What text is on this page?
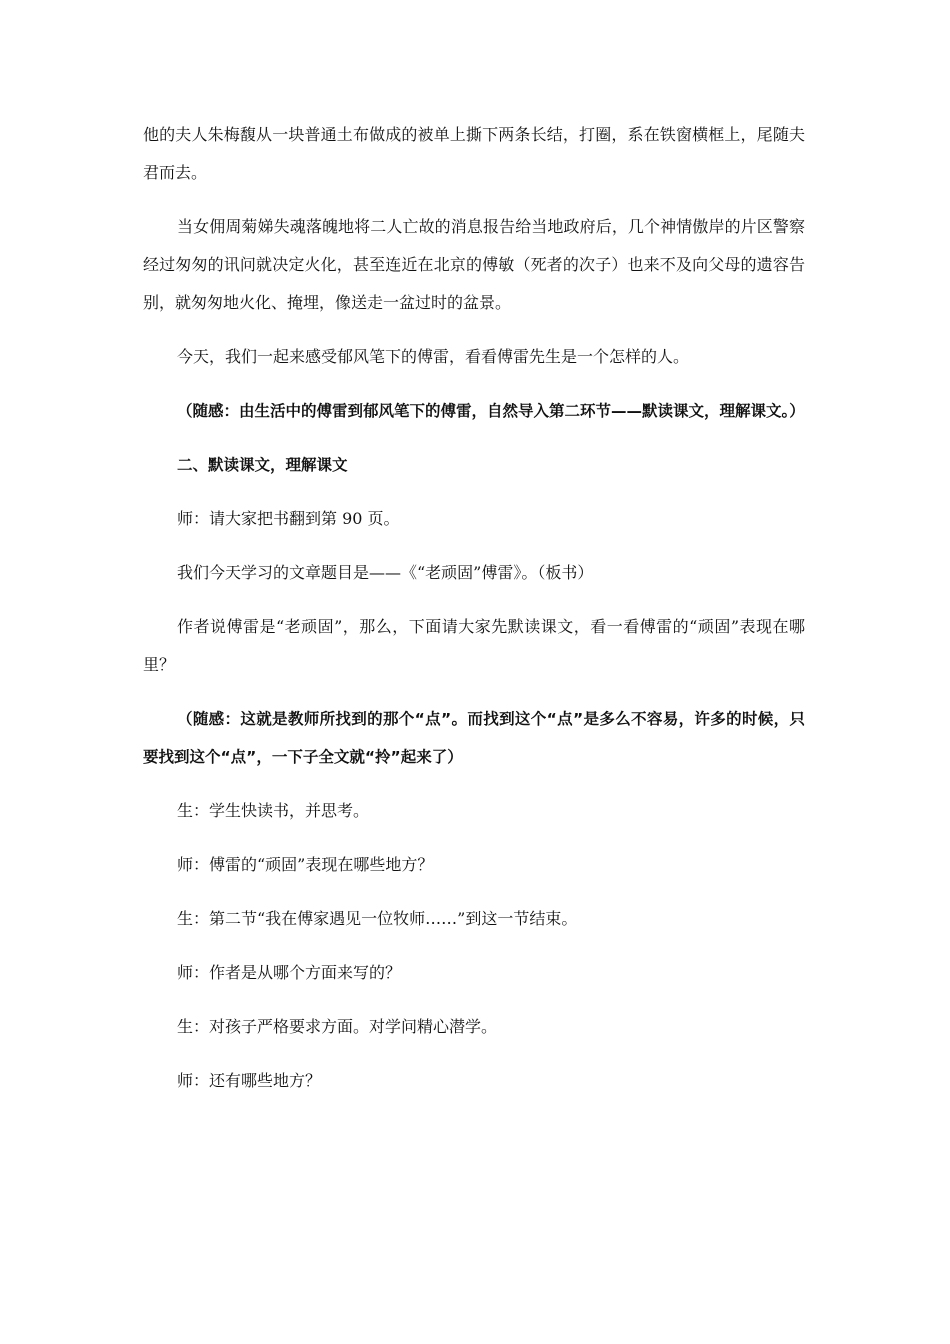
他的夫人朱梅馥从一块普通土布做成的被单上撕下两条长结，打圈，系在铁窗横框上，尾随夫君而去。

当女佣周菊娣失魂落魄地将二人亡故的消息报告给当地政府后，几个神情傲岸的片区警察经过匆匆的讯问就决定火化，甚至连近在北京的傅敏（死者的次子）也来不及向父母的遗容告别，就匆匆地火化、掩埋，像送走一盆过时的盆景。

今天，我们一起来感受郁风笔下的傅雷，看看傅雷先生是一个怎样的人。

（随感：由生活中的傅雷到郁风笔下的傅雷，自然导入第二环节——默读课文，理解课文。）

二、默读课文，理解课文

师：请大家把书翻到第 90 页。

我们今天学习的文章题目是——《“老顽固”傅雷》。（板书）

作者说傅雷是“老顽固”，那么，下面请大家先默读课文，看一看傅雷的“顽固”表现在哪里？

（随感：这就是教师所找到的那个“点”。而找到这个“点”是多么不容易，许多的时候，只要找到这个“点”，一下子全文就“拎”起来了）

生：学生快读书，并思考。

师：傅雷的“顽固”表现在哪些地方？

生：第二节“我在傅家遇见一位牧师……”到这一节结束。

师：作者是从哪个方面来写的？

生：对孩子严格要求方面。对学问精心潜学。

师：还有哪些地方？
